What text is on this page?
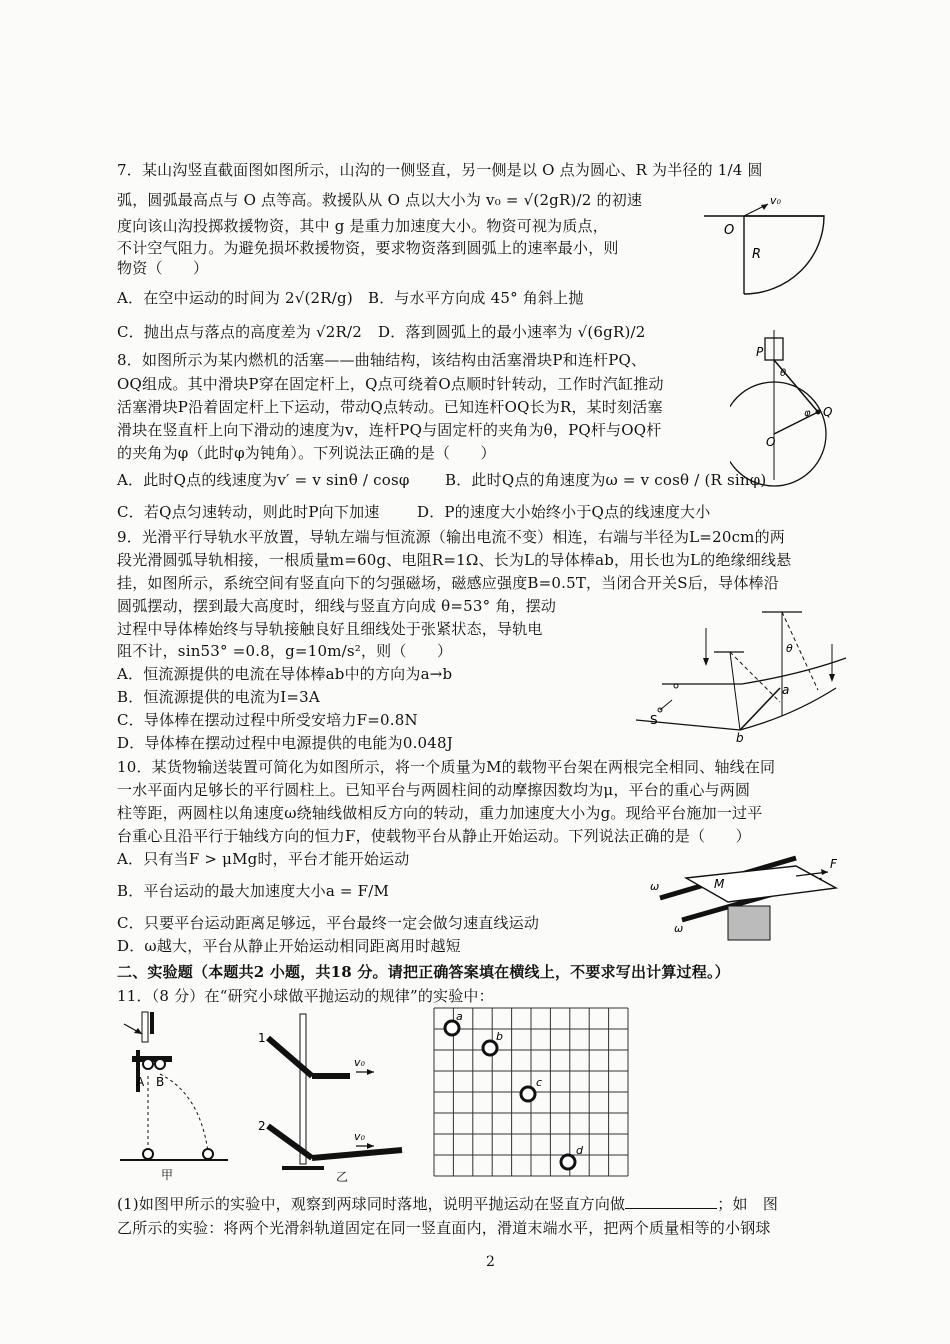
7．某山沟竖直截面图如图所示，山沟的一侧竖直，另一侧是以 O 点为圆心、R 为半径的 1/4 圆
弧，圆弧最高点与 O 点等高。救援队从 O 点以大小为 v₀ = √(2gR)/2 的初速
度向该山沟投掷救援物资，其中 g 是重力加速度大小。物资可视为质点，
不计空气阻力。为避免损坏救援物资，要求物资落到圆弧上的速率最小，则
物资（　　）
A．在空中运动的时间为 2√(2R/g) B．与水平方向成 45° 角斜上抛
C．抛出点与落点的高度差为 √2R/2 D．落到圆弧上的最小速率为 √(6gR)/2
v₀
O
R
8．如图所示为某内燃机的活塞——曲轴结构，该结构由活塞滑块P和连杆PQ、
OQ组成。其中滑块P穿在固定杆上，Q点可绕着O点顺时针转动，工作时汽缸推动
活塞滑块P沿着固定杆上下运动，带动Q点转动。已知连杆OQ长为R，某时刻活塞
滑块在竖直杆上向下滑动的速度为v，连杆PQ与固定杆的夹角为θ，PQ杆与OQ杆
的夹角为φ（此时φ为钝角）。下列说法正确的是（　　）
A．此时Q点的线速度为v′ = v sinθ / cosφ B．此时Q点的角速度为ω = v cosθ / (R sinφ)
C．若Q点匀速转动，则此时P向下加速	D．P的速度大小始终小于Q点的线速度大小
P
Q
O
θ
φ
9．光滑平行导轨水平放置，导轨左端与恒流源（输出电流不变）相连，右端与半径为L=20cm的两
段光滑圆弧导轨相接，一根质量m=60g、电阻R=1Ω、长为L的导体棒ab，用长也为L的绝缘细线悬
挂，如图所示，系统空间有竖直向下的匀强磁场，磁感应强度B=0.5T，当闭合开关S后，导体棒沿
圆弧摆动，摆到最大高度时，细线与竖直方向成 θ=53° 角，摆动
过程中导体棒始终与导轨接触良好且细线处于张紧状态，导轨电
阻不计，sin53° =0.8，g=10m/s²，则（　　）
A．恒流源提供的电流在导体棒ab中的方向为a→b
B．恒流源提供的电流为I=3A
C．导体棒在摆动过程中所受安培力F=0.8N
D．导体棒在摆动过程中电源提供的电能为0.048J
S
a
b
θ
10．某货物输送装置可简化为如图所示，将一个质量为M的载物平台架在两根完全相同、轴线在同
一水平面内足够长的平行圆柱上。已知平台与两圆柱间的动摩擦因数均为μ，平台的重心与两圆
柱等距，两圆柱以角速度ω绕轴线做相反方向的转动，重力加速度大小为g。现给平台施加一过平
台重心且沿平行于轴线方向的恒力F，使载物平台从静止开始运动。下列说法正确的是（　　）
A．只有当F > μMg时，平台才能开始运动
B．平台运动的最大加速度大小a = F/M
C．只要平台运动距离足够远，平台最终一定会做匀速直线运动
D．ω越大，平台从静止开始运动相同距离用时越短
M
F
ω
ω
二、实验题（本题共2 小题，共18 分。请把正确答案填在横线上，不要求写出计算过程。）
11．（8 分）在“研究小球做平抛运动的规律”的实验中：
A B
甲
1
2
v₀
v₀
乙
a
b
c
d
(1)如图甲所示的实验中，观察到两球同时落地，说明平抛运动在竖直方向做	；如　图
乙所示的实验：将两个光滑斜轨道固定在同一竖直面内，滑道末端水平，把两个质量相等的小钢球
2
